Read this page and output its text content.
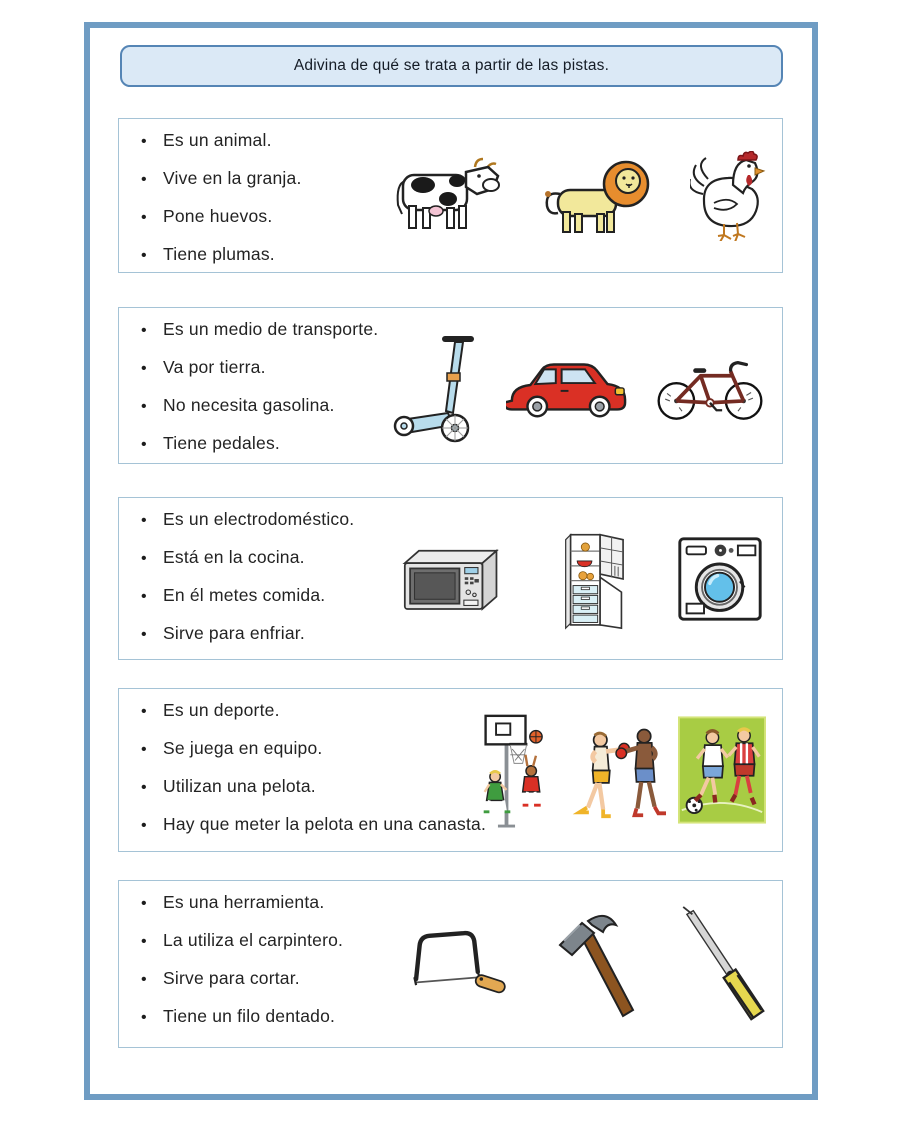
Adivina de qué se trata a partir de las pistas.
• Es un animal.
• Vive en la granja.
• Pone huevos.
• Tiene plumas.
• Es un medio de transporte.
• Va por tierra.
• No necesita gasolina.
• Tiene pedales.
• Es un electrodoméstico.
• Está en la cocina.
• En él metes comida.
• Sirve para enfriar.
• Es un deporte.
• Se juega en equipo.
• Utilizan una pelota.
• Hay que meter la pelota en una canasta.
• Es una herramienta.
• La utiliza el carpintero.
• Sirve para cortar.
• Tiene un filo dentado.
